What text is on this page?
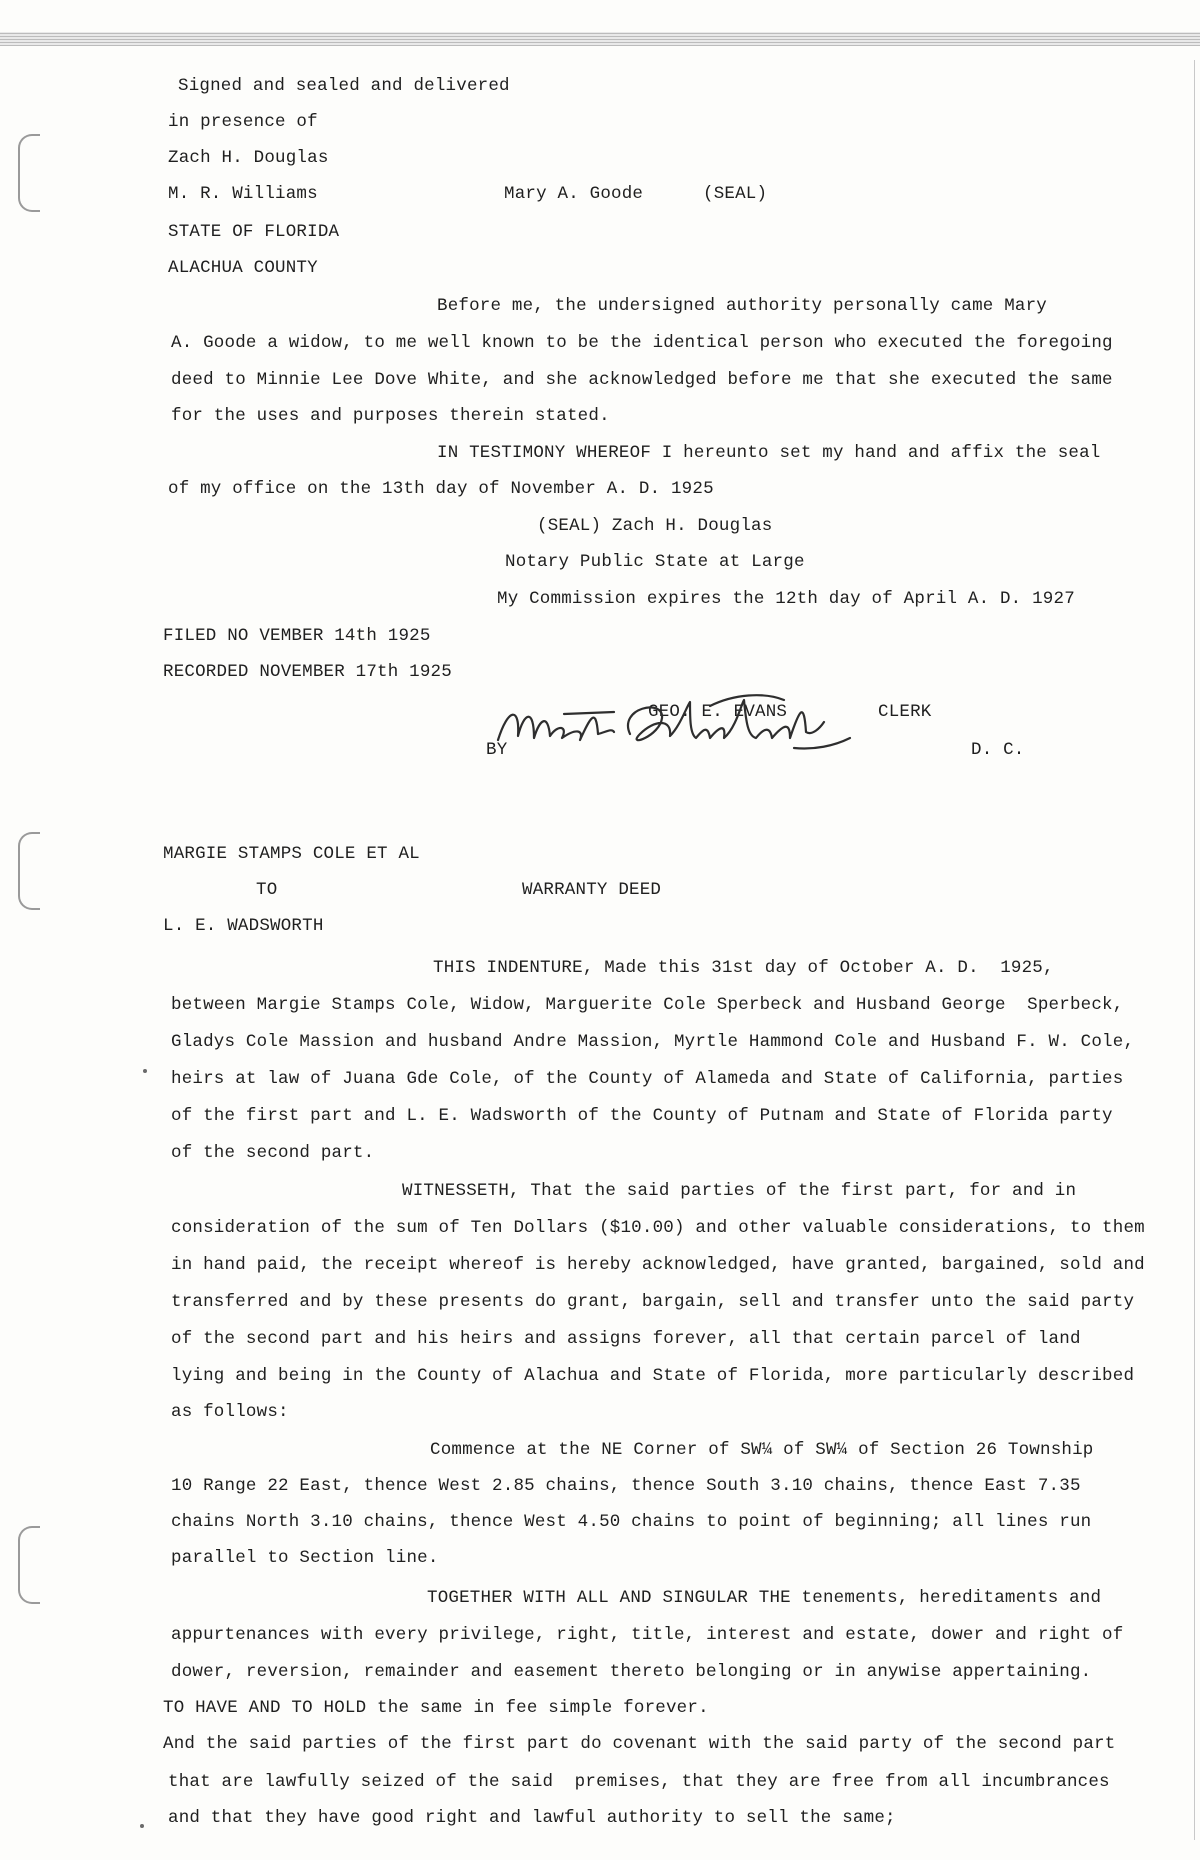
Signed and sealed and delivered
in presence of
Zach H. Douglas
M. R. Williams	Mary A. Goode	(SEAL)
STATE OF FLORIDA
ALACHUA COUNTY
Before me, the undersigned authority personally came Mary
A. Goode a widow, to me well known to be the identical person who executed the foregoing
deed to Minnie Lee Dove White, and she acknowledged before me that she executed the same
for the uses and purposes therein stated.
IN TESTIMONY WHEREOF I hereunto set my hand and affix the seal
of my office on the 13th day of November A. D. 1925
(SEAL) Zach H. Douglas
Notary Public State at Large
My Commission expires the 12th day of April A. D. 1927
FILED NO VEMBER 14th 1925
RECORDED NOVEMBER 17th 1925
GEO. E. EVANS	CLERK
BY	D. C.
MARGIE STAMPS COLE ET AL
TO	WARRANTY DEED
L. E. WADSWORTH
THIS INDENTURE, Made this 31st day of October A. D.  1925,
between Margie Stamps Cole, Widow, Marguerite Cole Sperbeck and Husband George  Sperbeck,
Gladys Cole Massion and husband Andre Massion, Myrtle Hammond Cole and Husband F. W. Cole,
heirs at law of Juana Gde Cole, of the County of Alameda and State of California, parties
of the first part and L. E. Wadsworth of the County of Putnam and State of Florida party
of the second part.
WITNESSETH, That the said parties of the first part, for and in
consideration of the sum of Ten Dollars ($10.00) and other valuable considerations, to them
in hand paid, the receipt whereof is hereby acknowledged, have granted, bargained, sold and
transferred and by these presents do grant, bargain, sell and transfer unto the said party
of the second part and his heirs and assigns forever, all that certain parcel of land
lying and being in the County of Alachua and State of Florida, more particularly described
as follows:
Commence at the NE Corner of SW¼ of SW¼ of Section 26 Township
10 Range 22 East, thence West 2.85 chains, thence South 3.10 chains, thence East 7.35
chains North 3.10 chains, thence West 4.50 chains to point of beginning; all lines run
parallel to Section line.
TOGETHER WITH ALL AND SINGULAR THE tenements, hereditaments and
appurtenances with every privilege, right, title, interest and estate, dower and right of
dower, reversion, remainder and easement thereto belonging or in anywise appertaining.
TO HAVE AND TO HOLD the same in fee simple forever.
And the said parties of the first part do covenant with the said party of the second part
that are lawfully seized of the said  premises, that they are free from all incumbrances
and that they have good right and lawful authority to sell the same;
